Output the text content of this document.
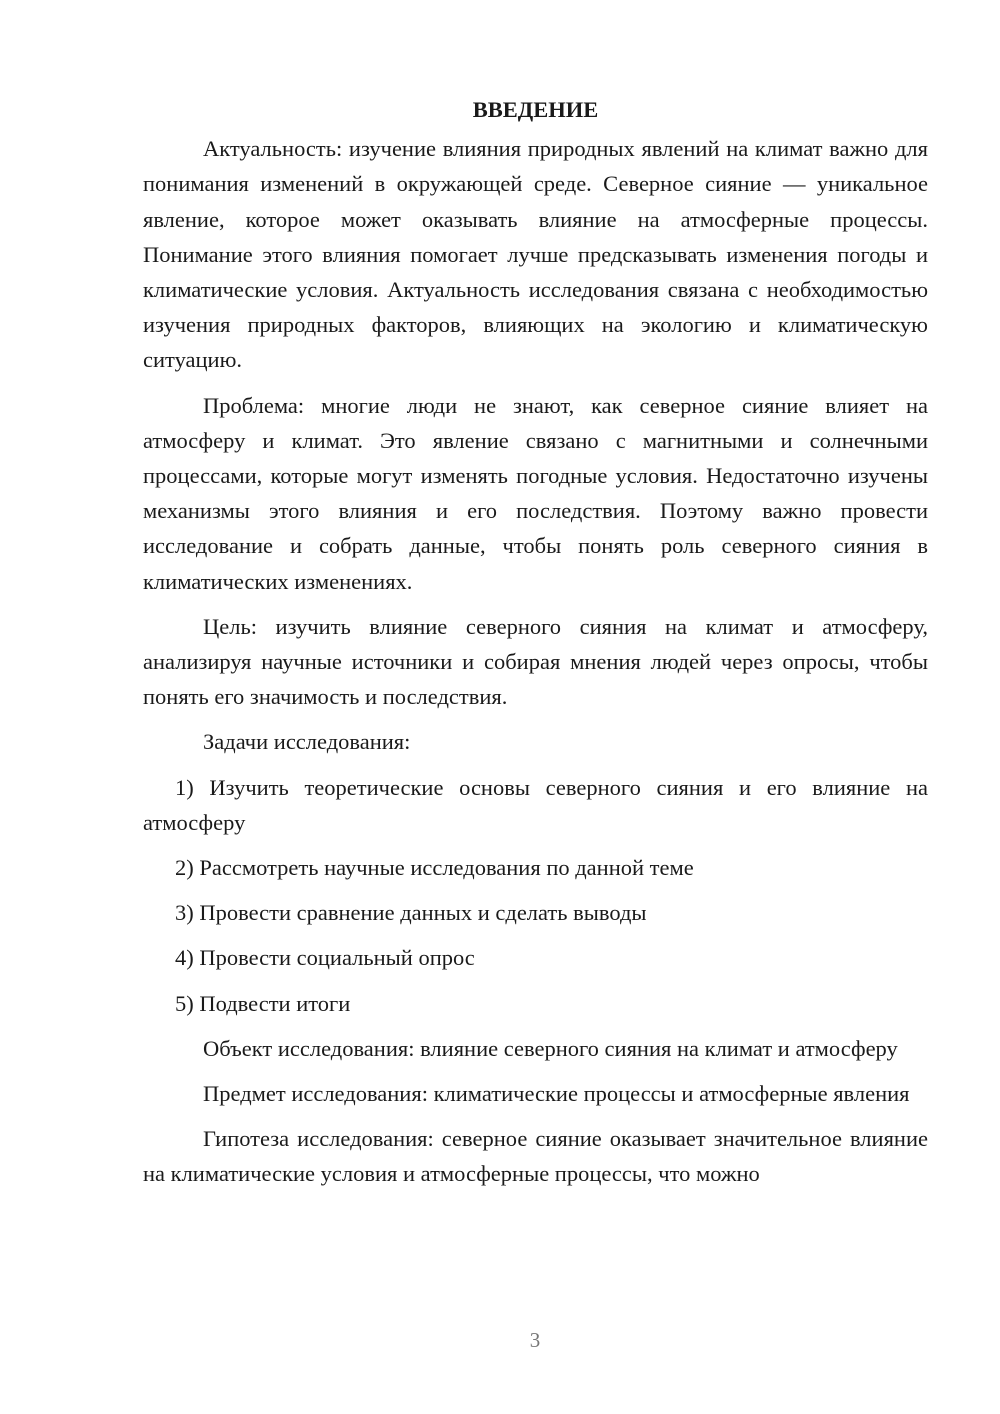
ВВЕДЕНИЕ

Актуальность: изучение влияния природных явлений на климат важно для понимания изменений в окружающей среде. Северное сияние — уникальное явление, которое может оказывать влияние на атмосферные процессы. Понимание этого влияния помогает лучше предсказывать изменения погоды и климатические условия. Актуальность исследования связана с необходимостью изучения природных факторов, влияющих на экологию и климатическую ситуацию.

Проблема: многие люди не знают, как северное сияние влияет на атмосферу и климат. Это явление связано с магнитными и солнечными процессами, которые могут изменять погодные условия. Недостаточно изучены механизмы этого влияния и его последствия. Поэтому важно провести исследование и собрать данные, чтобы понять роль северного сияния в климатических изменениях.

Цель: изучить влияние северного сияния на климат и атмосферу, анализируя научные источники и собирая мнения людей через опросы, чтобы понять его значимость и последствия.

Задачи исследования:

1) Изучить теоретические основы северного сияния и его влияние на атмосферу

2) Рассмотреть научные исследования по данной теме

3) Провести сравнение данных и сделать выводы

4) Провести социальный опрос

5) Подвести итоги

Объект исследования: влияние северного сияния на климат и атмосферу

Предмет исследования: климатические процессы и атмосферные явления

Гипотеза исследования: северное сияние оказывает значительное влияние на климатические условия и атмосферные процессы, что можно

3
